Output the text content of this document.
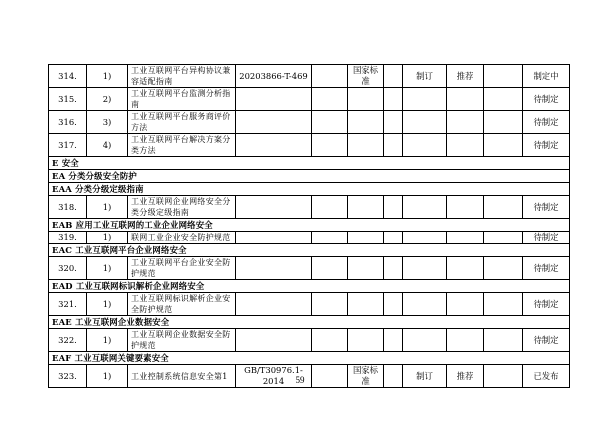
314.	1)	工业互联网平台异构协议兼容适配指南	20203866-T-469		国家标准		制订	推荐		制定中
315.	2)	工业互联网平台监测分析指南								待制定
316.	3)	工业互联网平台服务商评价方法								待制定
317.	4)	工业互联网平台解决方案分类方法								待制定
E 安全										
EA 分类分级安全防护										
EAA 分类分级定级指南										
318.	1)	工业互联网企业网络安全分类分级定级指南								待制定
EAB 应用工业互联网的工业企业网络安全										
319.	1)	联网工业企业安全防护规范								待制定
EAC 工业互联网平台企业网络安全										
320.	1)	工业互联网平台企业安全防护规范								待制定
EAD 工业互联网标识解析企业网络安全										
321.	1)	工业互联网标识解析企业安全防护规范								待制定
EAE 工业互联网企业数据安全										
322.	1)	工业互联网企业数据安全防护规范								待制定
EAF 工业互联网关键要素安全										
323.	1)	工业控制系统信息安全第1	GB/T30976.1-2014		国家标准		制订	推荐		已发布
59
